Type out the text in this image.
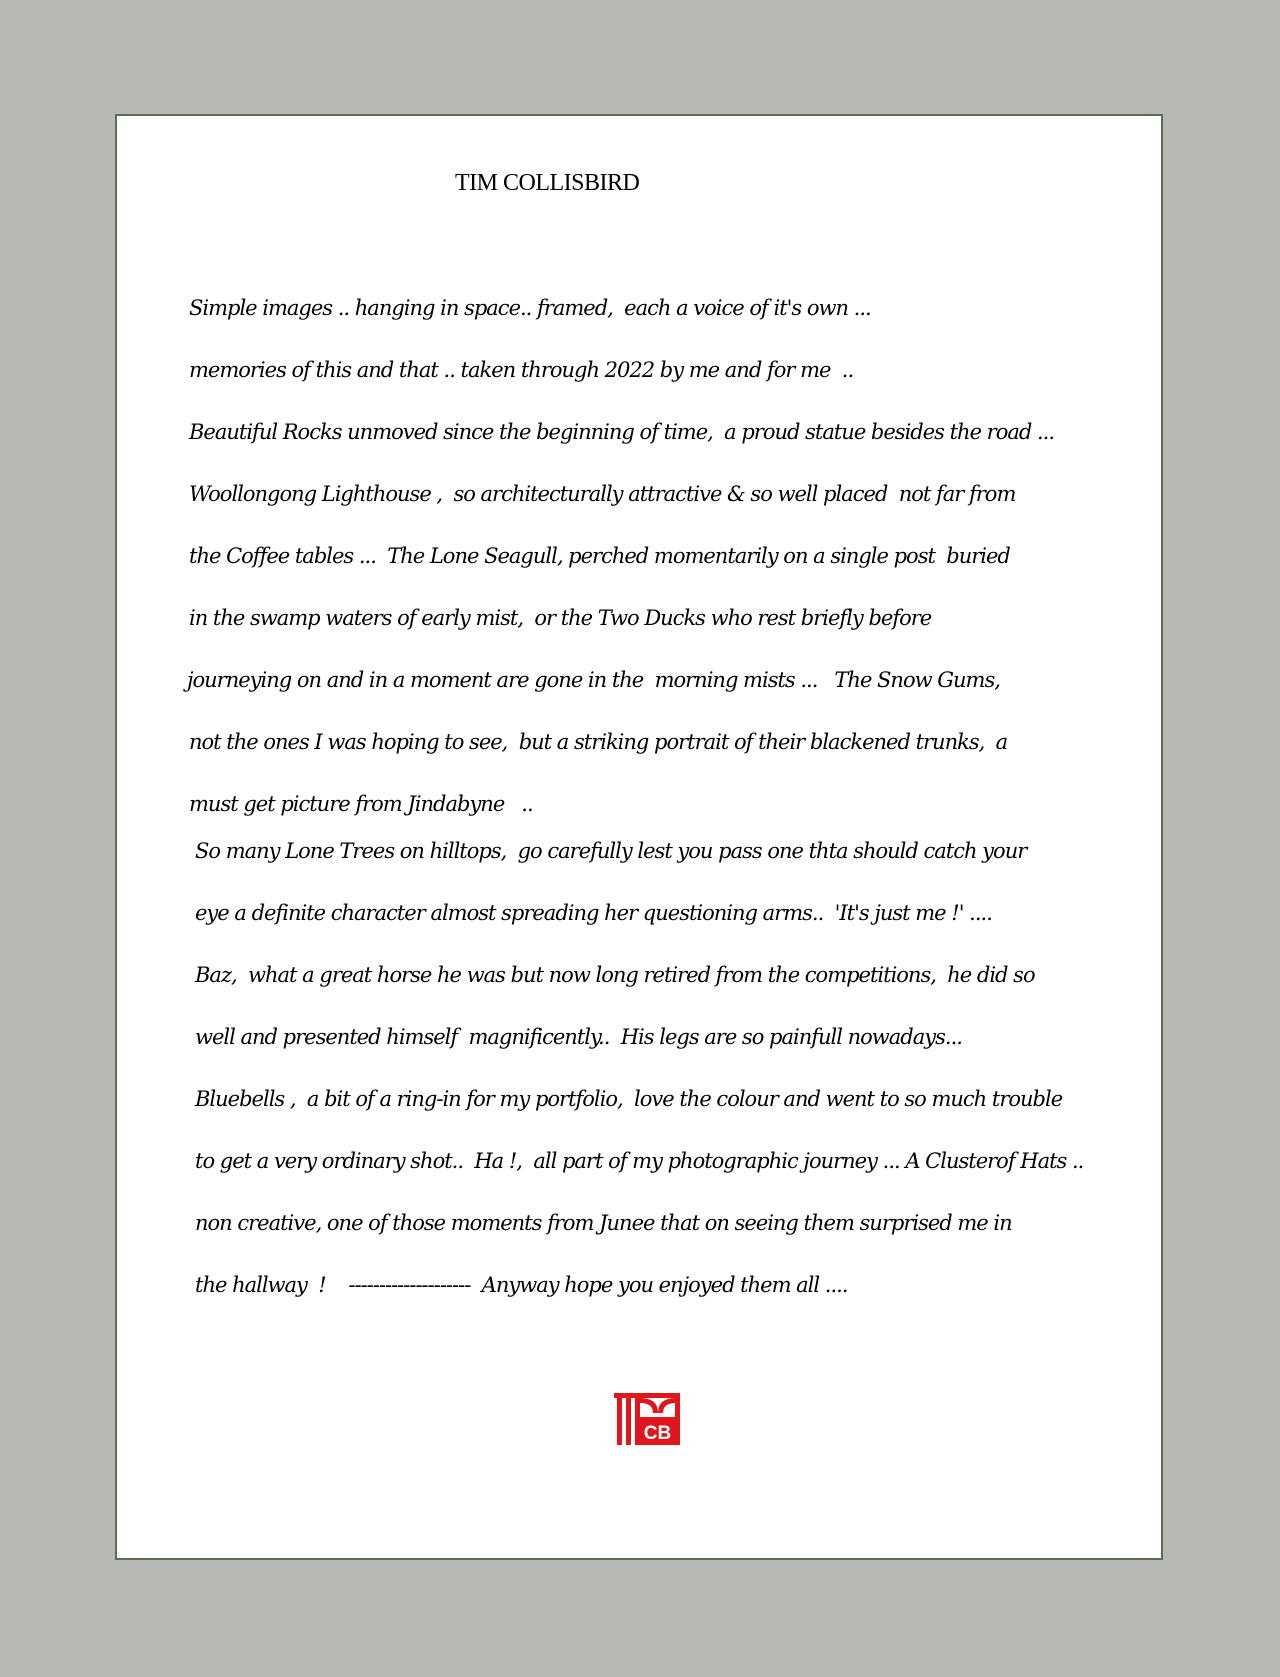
TIM COLLISBIRD
Simple images .. hanging in space.. framed,  each a voice of it's own ...
memories of this and that .. taken through 2022 by me and for me  ..
Beautiful Rocks unmoved since the beginning of time,  a proud statue besides the road ...
Woollongong Lighthouse ,  so architecturally attractive & so well placed  not far from
the Coffee tables ...  The Lone Seagull, perched momentarily on a single post  buried
in the swamp waters of early mist,  or the Two Ducks who rest briefly before
journeying on and in a moment are gone in the  morning mists ...   The Snow Gums,
not the ones I was hoping to see,  but a striking portrait of their blackened trunks,  a
must get picture from Jindabyne   ..
So many Lone Trees on hilltops,  go carefully lest you pass one thta should catch your
eye a definite character almost spreading her questioning arms..  'It's just me !' ....
Baz,  what a great horse he was but now long retired from the competitions,  he did so
well and presented himself  magnificently..  His legs are so painfull nowadays...
Bluebells ,  a bit of a ring-in for my portfolio,  love the colour and went to so much trouble
to get a very ordinary shot..  Ha !,  all part of my photographic journey ... A Clusterof Hats ..
non creative, one of those moments from Junee that on seeing them surprised me in
the hallway  !    --------------------  Anyway hope you enjoyed them all ....
CB
